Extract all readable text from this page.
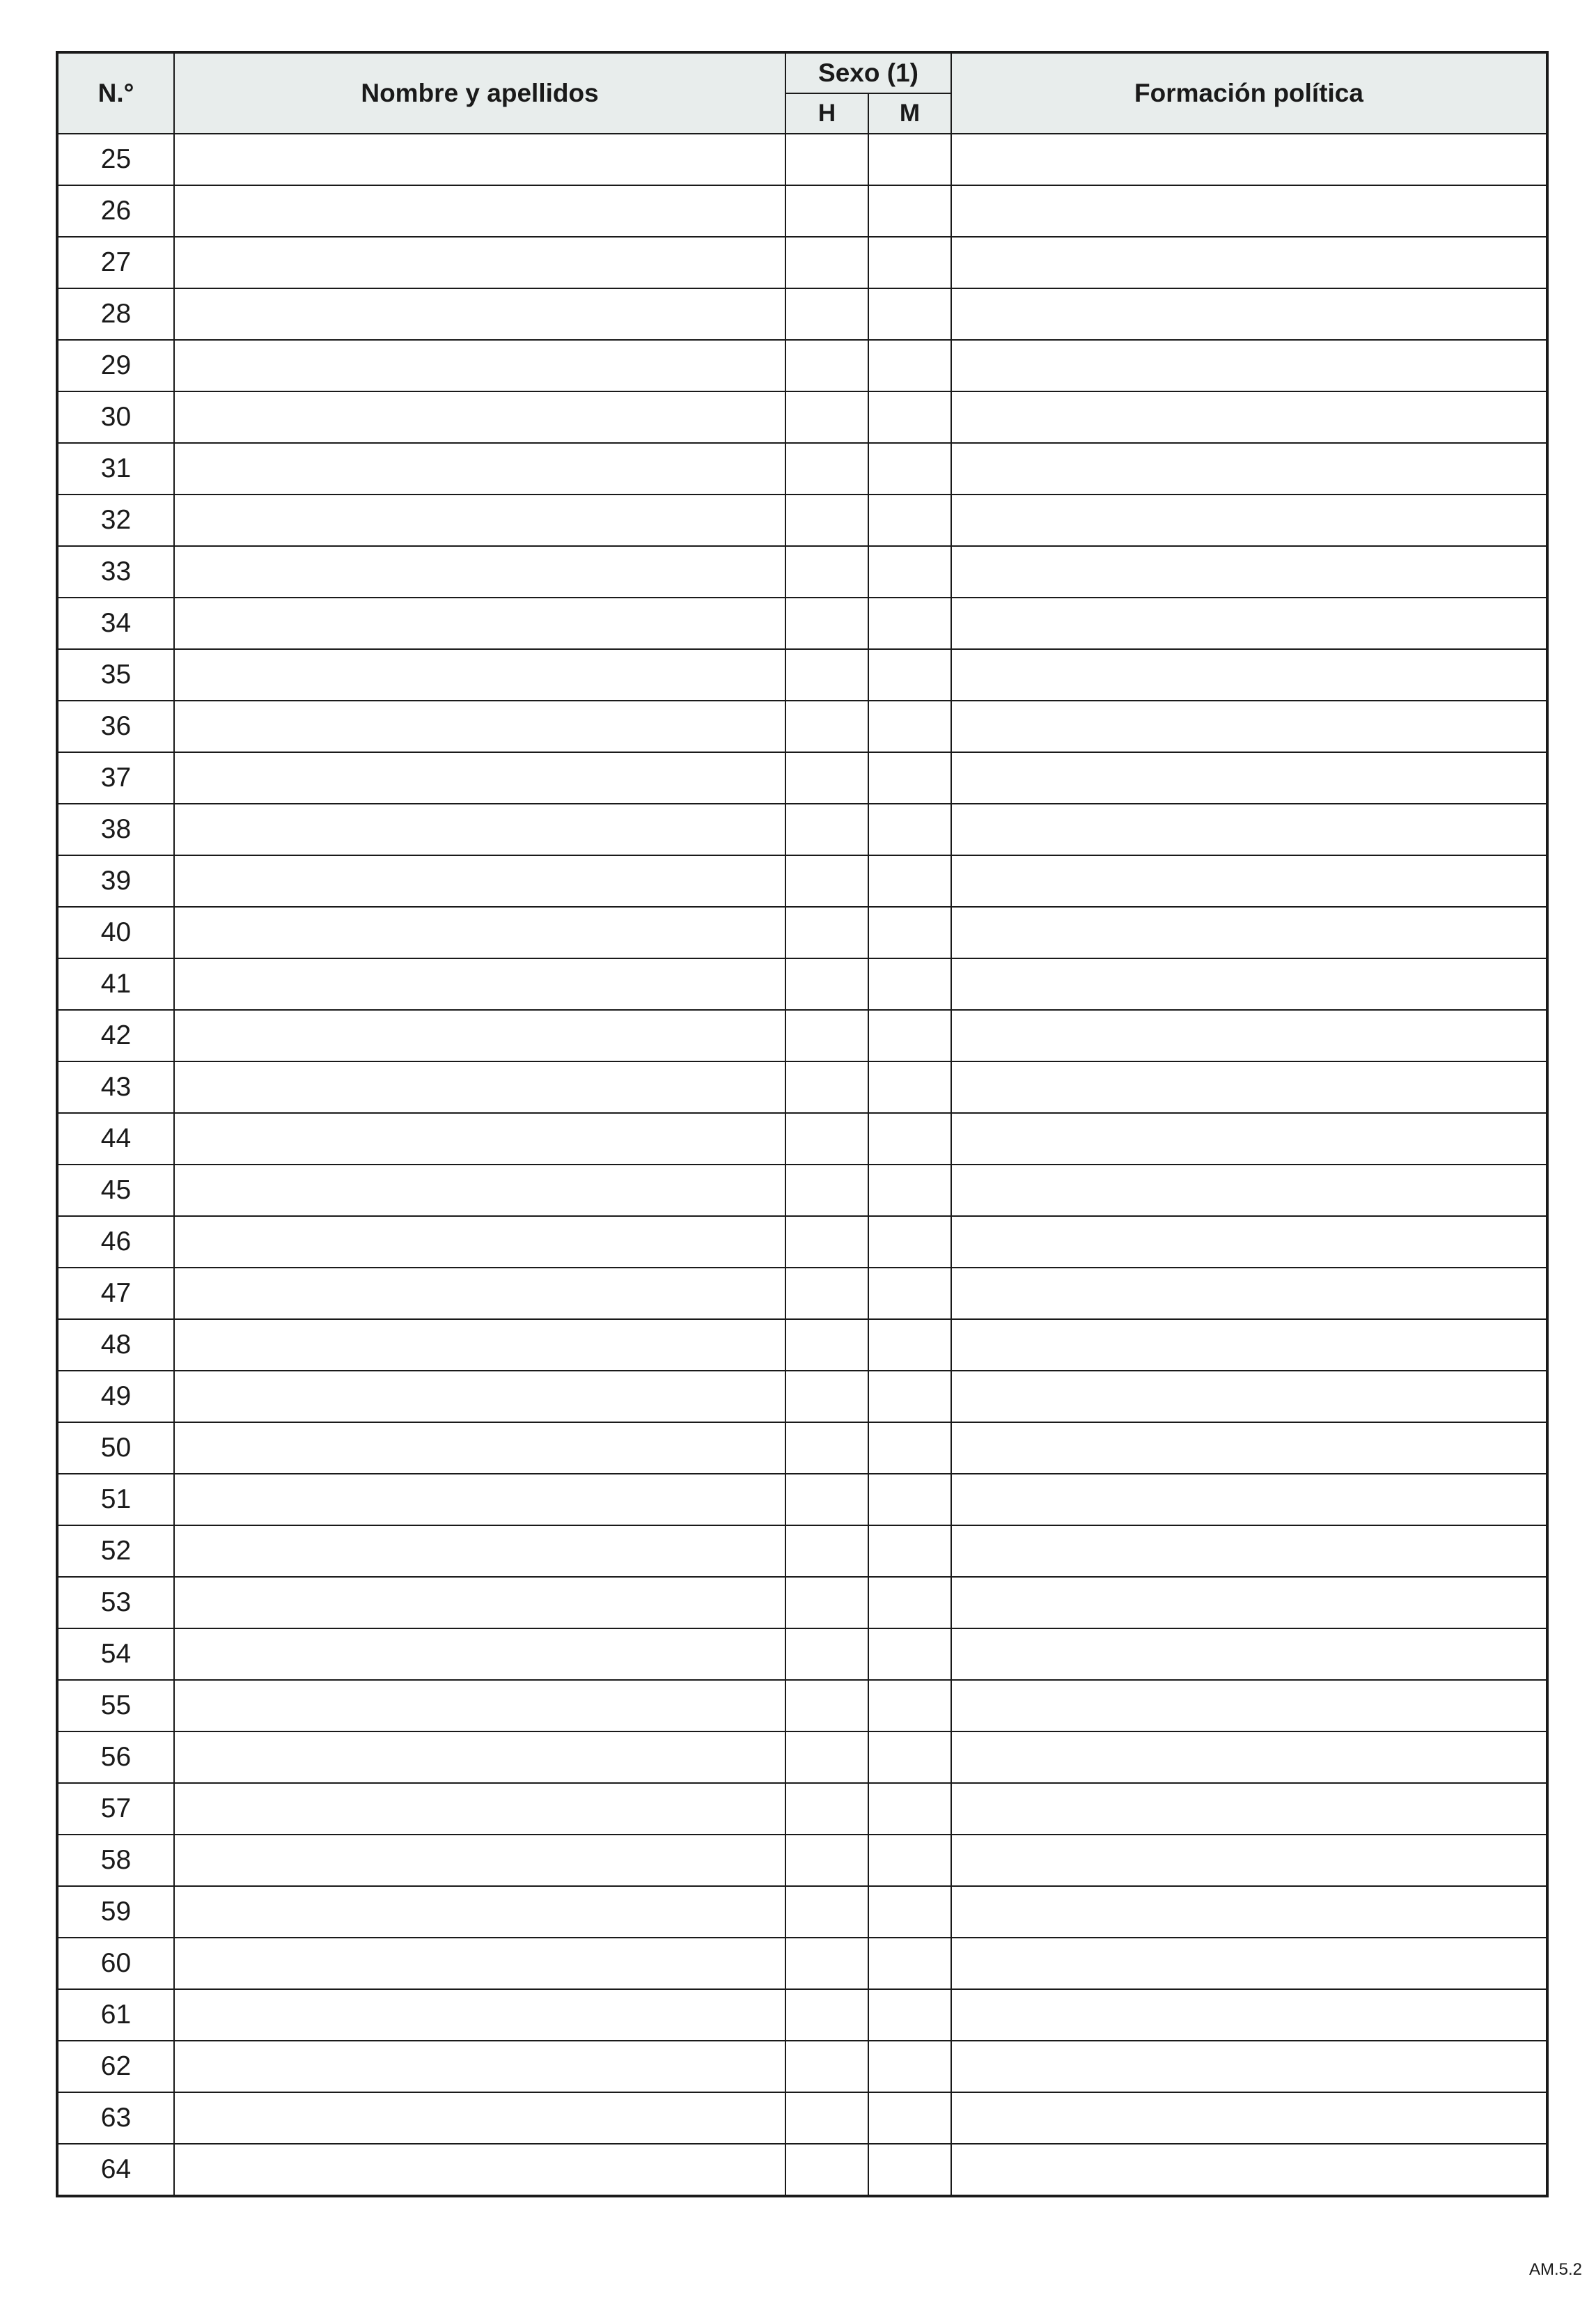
N.°	Nombre y apellidos	Sexo (1)		Formación política
		H	M	
25				
26				
27				
28				
29				
30				
31				
32				
33				
34				
35				
36				
37				
38				
39				
40				
41				
42				
43				
44				
45				
46				
47				
48				
49				
50				
51				
52				
53				
54				
55				
56				
57				
58				
59				
60				
61				
62				
63				
64				
AM.5.2
